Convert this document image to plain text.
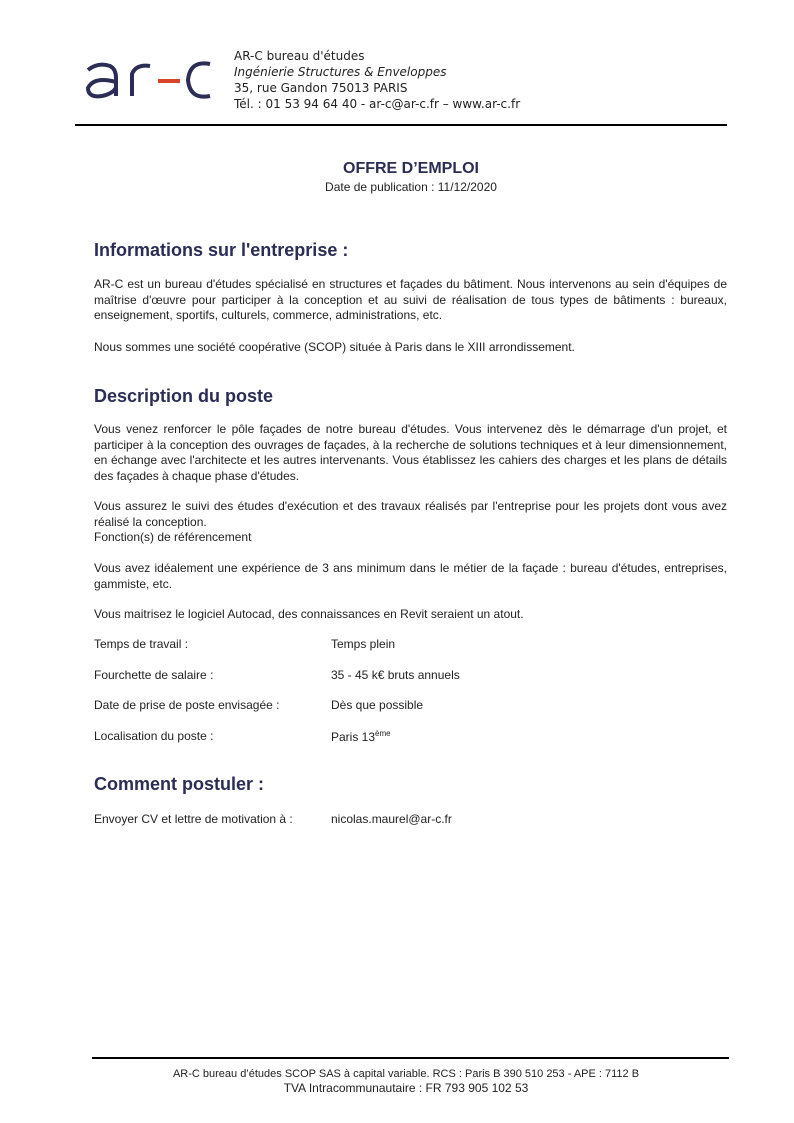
AR-C bureau d'études
Ingénierie Structures & Enveloppes
35, rue Gandon 75013 PARIS
Tél. : 01 53 94 64 40 - ar-c@ar-c.fr – www.ar-c.fr
OFFRE D’EMPLOI
Date de publication : 11/12/2020
Informations sur l'entreprise :
AR-C est un bureau d'études spécialisé en structures et façades du bâtiment. Nous intervenons au sein d'équipes de maîtrise d'œuvre pour participer à la conception et au suivi de réalisation de tous types de bâtiments : bureaux, enseignement, sportifs, culturels, commerce, administrations, etc.
Nous sommes une société coopérative (SCOP) située à Paris dans le XIII arrondissement.
Description du poste
Vous venez renforcer le pôle façades de notre bureau d'études. Vous intervenez dès le démarrage d'un projet, et participer à la conception des ouvrages de façades, à la recherche de solutions techniques et à leur dimensionnement, en échange avec l'architecte et les autres intervenants. Vous établissez les cahiers des charges et les plans de détails des façades à chaque phase d'études.
Vous assurez le suivi des études d'exécution et des travaux réalisés par l'entreprise pour les projets dont vous avez réalisé la conception.
Fonction(s) de référencement
Vous avez idéalement une expérience de 3 ans minimum dans le métier de la façade : bureau d'études, entreprises, gammiste, etc.
Vous maitrisez le logiciel Autocad, des connaissances en Revit seraient un atout.
Temps de travail :	Temps plein
Fourchette de salaire :	35 - 45 k€ bruts annuels
Date de prise de poste envisagée :	Dès que possible
Localisation du poste :	Paris 13ème
Comment postuler :
Envoyer CV et lettre de motivation à :	nicolas.maurel@ar-c.fr
AR-C bureau d’études SCOP SAS à capital variable. RCS : Paris B 390 510 253 - APE : 7112 B
TVA Intracommunautaire : FR 793 905 102 53
